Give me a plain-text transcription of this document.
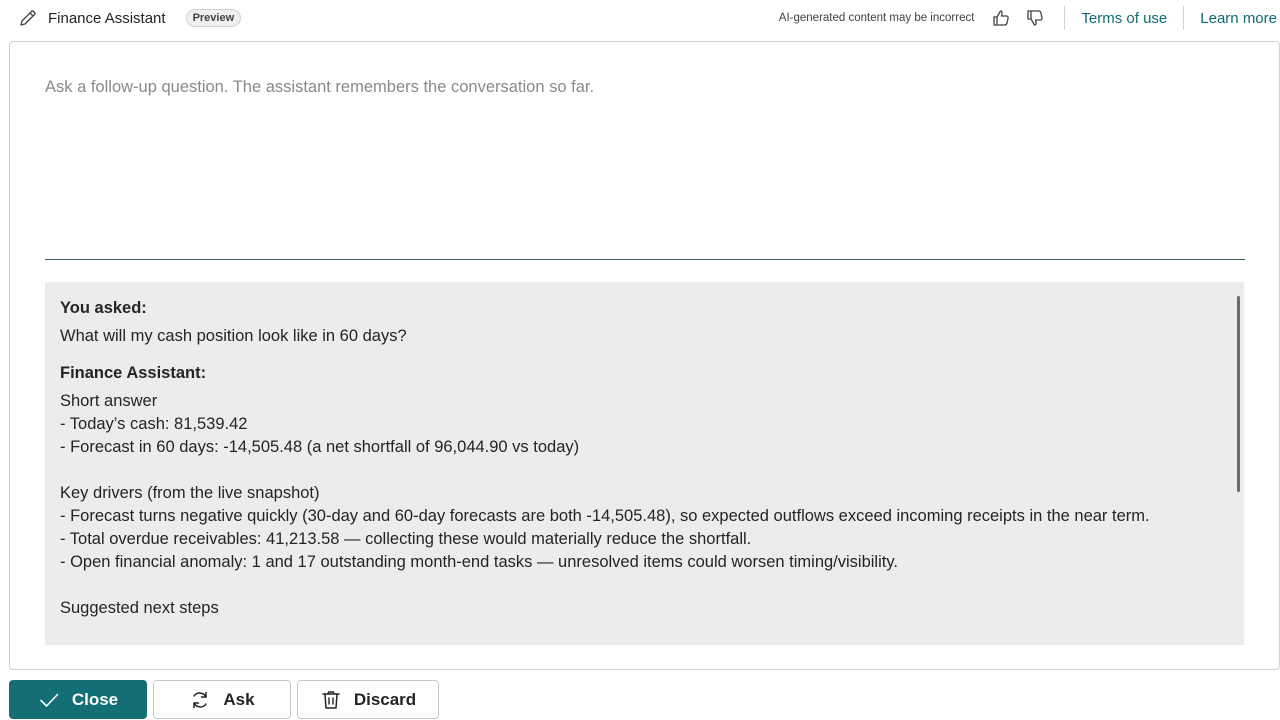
Finance Assistant	Preview	AI-generated content may be incorrect	Terms of use Learn more
Ask a follow-up question. The assistant remembers the conversation so far.
You asked:
What will my cash position look like in 60 days?
Finance Assistant:
Short answer
- Today’s cash: 81,539.42
- Forecast in 60 days: -14,505.48 (a net shortfall of 96,044.90 vs today)
Key drivers (from the live snapshot)
- Forecast turns negative quickly (30-day and 60-day forecasts are both -14,505.48), so expected outflows exceed incoming receipts in the near term.
- Total overdue receivables: 41,213.58 — collecting these would materially reduce the shortfall.
- Open financial anomaly: 1 and 17 outstanding month-end tasks — unresolved items could worsen timing/visibility.
Suggested next steps
Close	Ask	Discard
